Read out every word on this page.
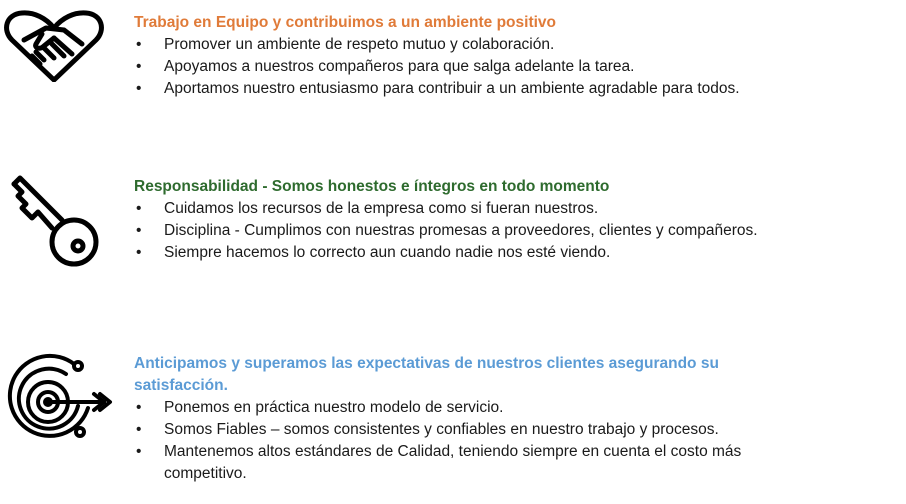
Trabajo en Equipo y contribuimos a un ambiente positivo

• Promover un ambiente de respeto mutuo y colaboración.
• Apoyamos a nuestros compañeros para que salga adelante la tarea.
• Aportamos nuestro entusiasmo para contribuir a un ambiente agradable para todos.

Responsabilidad - Somos honestos e íntegros en todo momento

• Cuidamos los recursos de la empresa como si fueran nuestros.
• Disciplina - Cumplimos con nuestras promesas a proveedores, clientes y compañeros.
• Siempre hacemos lo correcto aun cuando nadie nos esté viendo.

Anticipamos y superamos las expectativas de nuestros clientes asegurando su satisfacción.

• Ponemos en práctica nuestro modelo de servicio.
• Somos Fiables – somos consistentes y confiables en nuestro trabajo y procesos.
• Mantenemos altos estándares de Calidad, teniendo siempre en cuenta el costo más competitivo.
